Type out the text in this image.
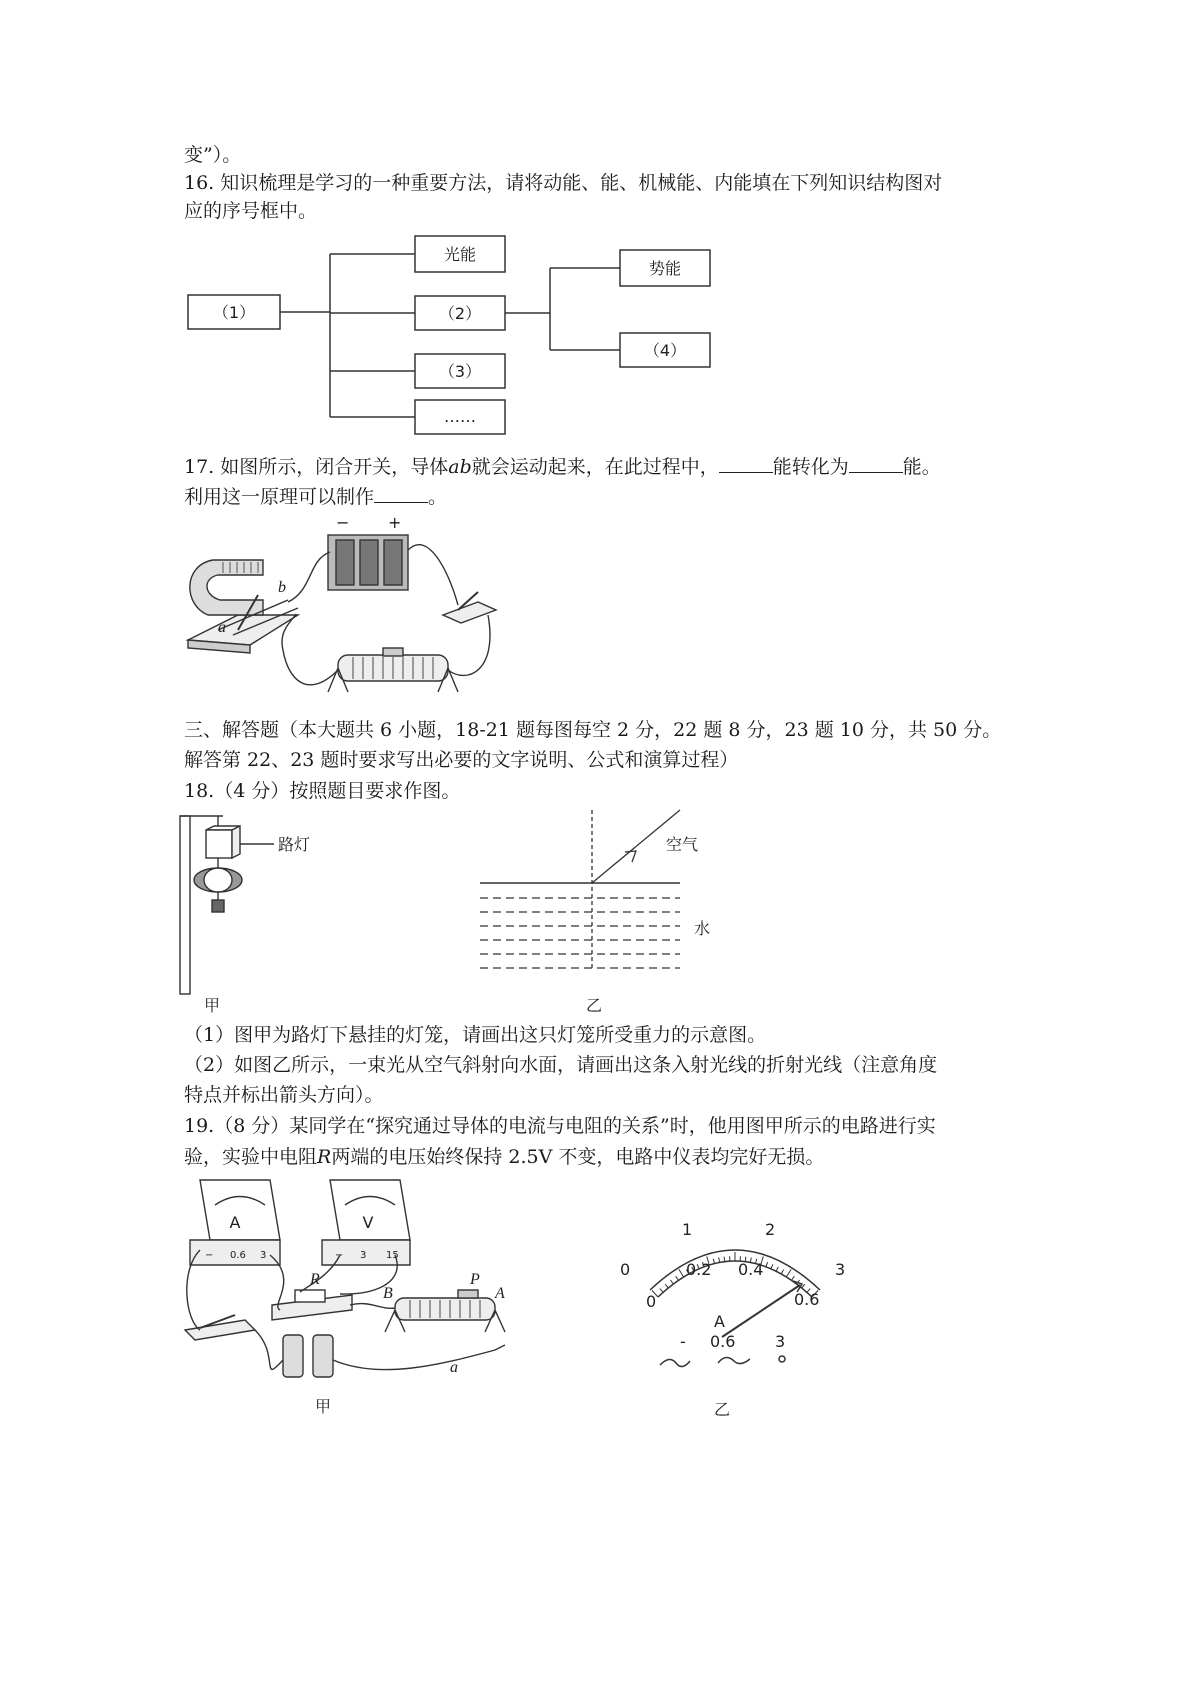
变”）。
16. 知识梳理是学习的一种重要方法，请将动能、能、机械能、内能填在下列知识结构图对
应的序号框中。
（1）
光能
（2）
（3）
……
势能
（4）
17. 如图所示，闭合开关，导体ab就会运动起来，在此过程中，	能转化为	能。
利用这一原理可以制作	。
− +
b
a
三、解答题（本大题共 6 小题，18-21 题每图每空 2 分，22 题 8 分，23 题 10 分，共 50 分。
解答第 22、23 题时要求写出必要的文字说明、公式和演算过程）
18.（4 分）按照题目要求作图。
路灯
甲
空气
水
乙
（1）图甲为路灯下悬挂的灯笼，请画出这只灯笼所受重力的示意图。
（2）如图乙所示，一束光从空气斜射向水面，请画出这条入射光线的折射光线（注意角度
特点并标出箭头方向）。
19.（8 分）某同学在“探究通过导体的电流与电阻的关系”时，他用图甲所示的电路进行实
验，实验中电阻R两端的电压始终保持 2.5V 不变，电路中仪表均完好无损。
A	V
− 0.6 3	− 3 15
R
B
P
A
a
甲
0
1	2
3
0
0.2 0.4
0.6
A
- 0.6 3
乙
